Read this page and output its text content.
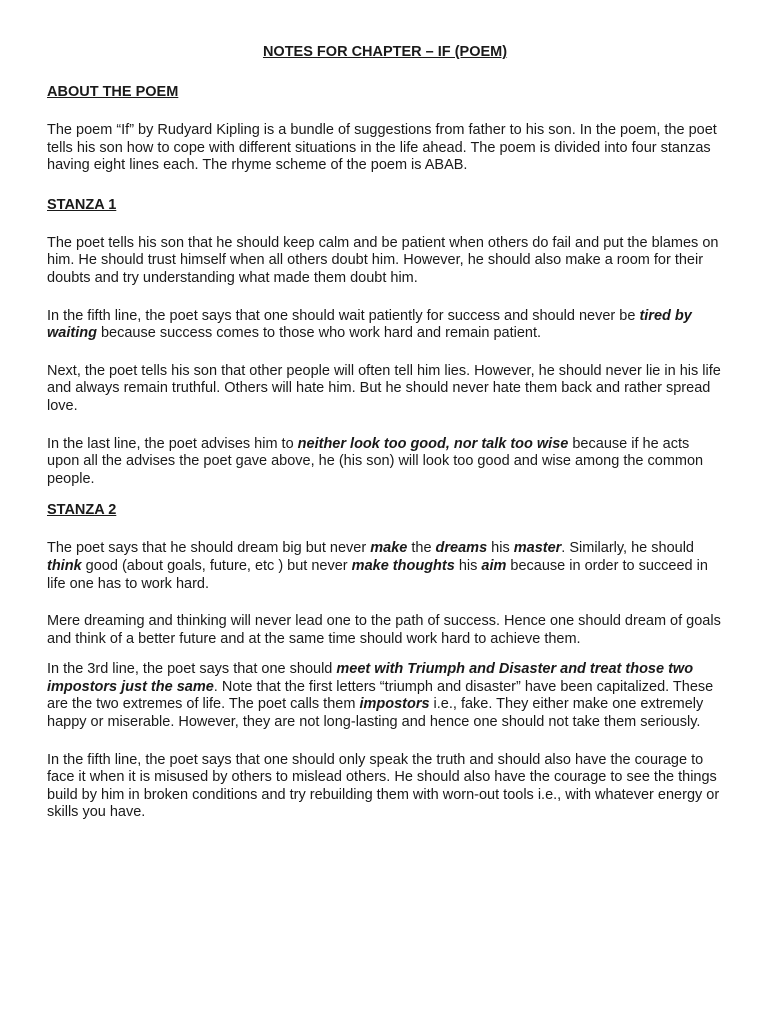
NOTES FOR CHAPTER – IF (POEM)
ABOUT THE POEM

The poem “If” by Rudyard Kipling is a bundle of suggestions from father to his son. In the poem, the poet tells his son how to cope with different situations in the life ahead. The poem is divided into four stanzas having eight lines each. The rhyme scheme of the poem is ABAB.

STANZA 1

The poet tells his son that he should keep calm and be patient when others do fail and put the blames on him. He should trust himself when all others doubt him. However, he should also make a room for their doubts and try understanding what made them doubt him.

In the fifth line, the poet says that one should wait patiently for success and should never be tired by waiting because success comes to those who work hard and remain patient.

Next, the poet tells his son that other people will often tell him lies. However, he should never lie in his life and always remain truthful. Others will hate him. But he should never hate them back and rather spread love.

In the last line, the poet advises him to neither look too good, nor talk too wise because if he acts upon all the advises the poet gave above, he (his son) will look too good and wise among the common people.

STANZA 2

The poet says that he should dream big but never make the dreams his master. Similarly, he should think good (about goals, future, etc ) but never make thoughts his aim because in order to succeed in life one has to work hard.

Mere dreaming and thinking will never lead one to the path of success. Hence one should dream of goals and think of a better future and at the same time should work hard to achieve them.

In the 3rd line, the poet says that one should meet with Triumph and Disaster and treat those two impostors just the same. Note that the first letters “triumph and disaster” have been capitalized. These are the two extremes of life. The poet calls them impostors i.e., fake. They either make one extremely happy or miserable. However, they are not long-lasting and hence one should not take them seriously.

In the fifth line, the poet says that one should only speak the truth and should also have the courage to face it when it is misused by others to mislead others. He should also have the courage to see the things build by him in broken conditions and try rebuilding them with worn-out tools i.e., with whatever energy or skills you have.
